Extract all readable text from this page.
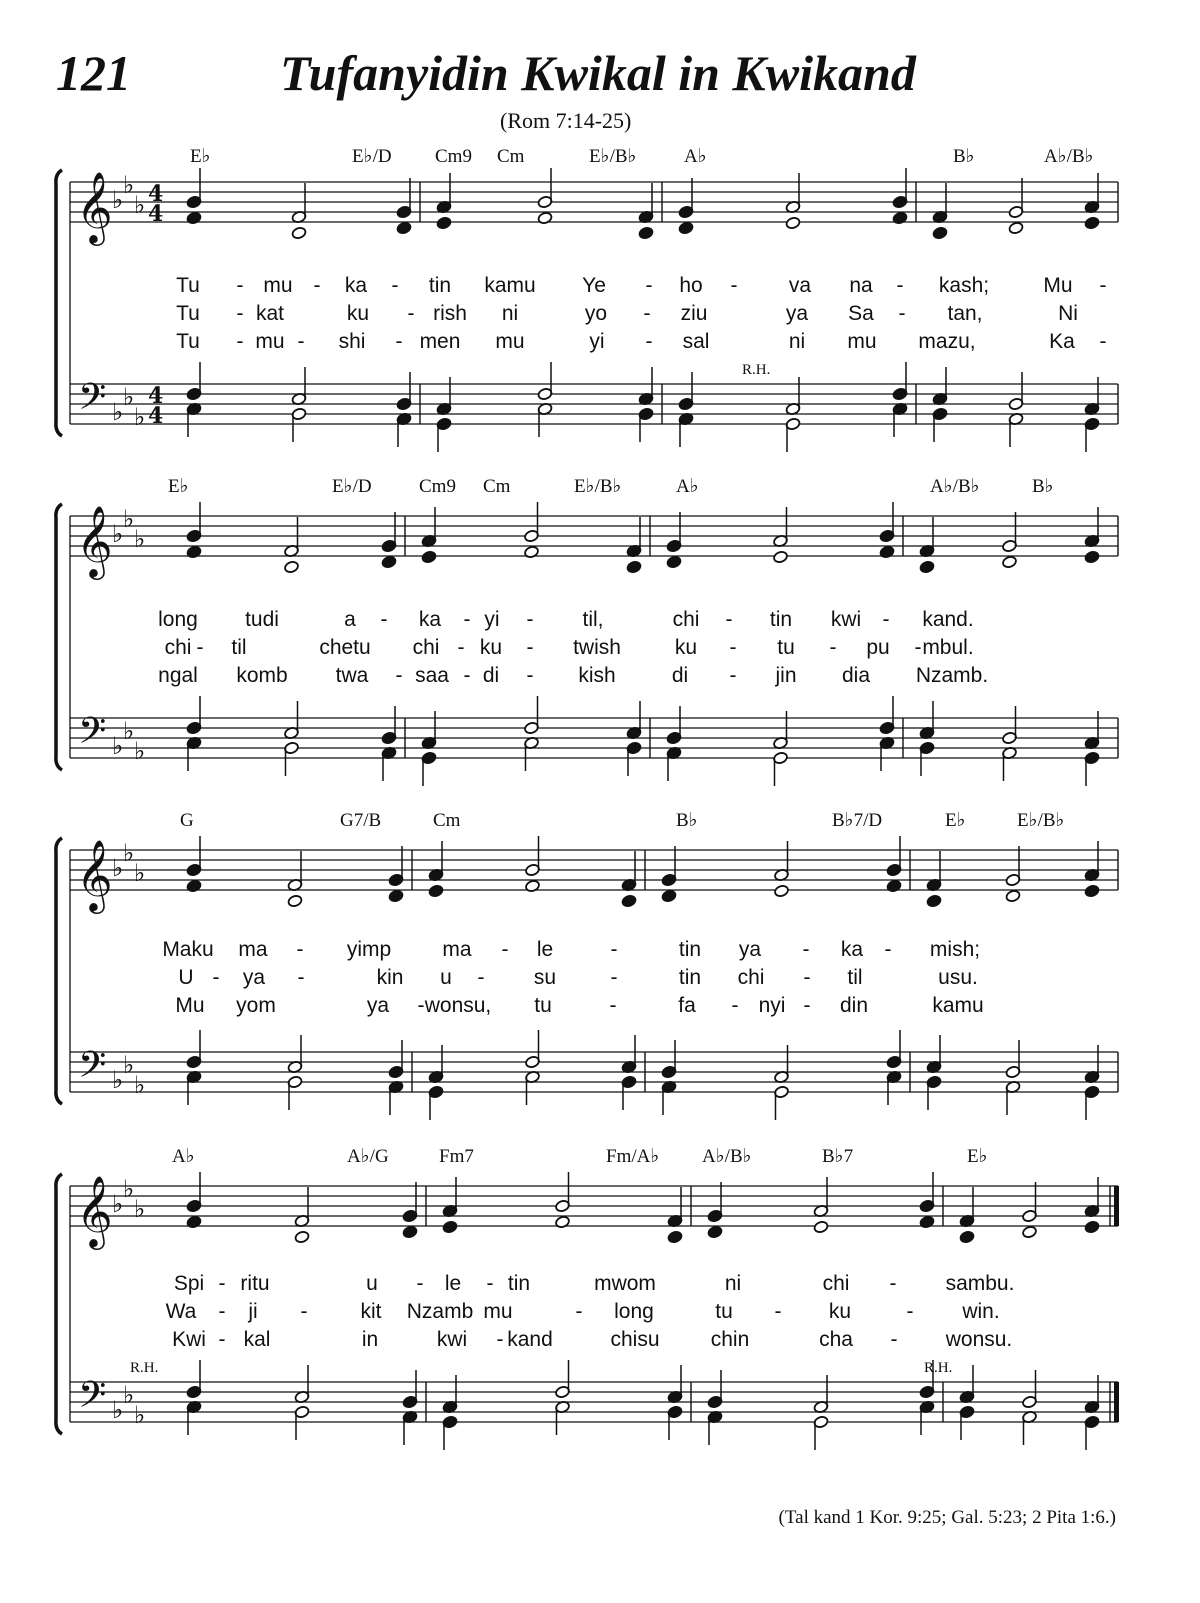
121	Tufanyidin Kwikal in Kwikand
(Rom 7:14-25)
4
4
4
4
R.H.
E♭	E♭/D Cm9 Cm	E♭/B♭	A♭	B♭	A♭/B♭
Tu - mu - ka - tin kamu Ye - ho - va na - kash;	Mu -
Tu - kat	ku - rish ni	yo - ziu	ya Sa - tan,	Ni
Tu - mu - shi - men mu	yi - sal	ni mu mazu,	Ka -
𝄞 ♭
♭
♭
𝄢 ♭
♭
♭
E♭	E♭/D Cm9 Cm	E♭/B♭	A♭	A♭/B♭	B♭
long tudi	a - ka - yi - til,	chi - tin kwi - kand.
chi - til	chetu chi - ku - twish	ku - tu - pu - mbul.
ngal komb twa - saa - di - kish	di - jin dia Nzamb.
𝄞 ♭
♭
♭
𝄢 ♭
♭
♭
G	G7/B	Cm	B♭	B♭7/D	E♭	E♭/B♭
Maku ma - yimp ma - le	-	tin ya - ka - mish;
U - ya -	kin u - su	-	tin chi - til	usu.
Mu yom	ya - wonsu, tu	-	fa - nyi - din	kamu
𝄞 ♭
♭
♭
𝄢 ♭
♭
♭
R.H.	R.H.
A♭	A♭/G	Fm7	Fm/A♭ A♭/B♭	B♭7	E♭
Spi - ritu	u - le - tin	mwom	ni	chi - sambu.
Wa - ji -	kit Nzamb mu	- long	tu - ku	- win.
Kwi - kal	in	kwi - kand	chisu chin	cha - wonsu.
𝄞 ♭
♭
♭
𝄢 ♭
♭
♭
(Tal kand 1 Kor. 9:25; Gal. 5:23; 2 Pita 1:6.)
